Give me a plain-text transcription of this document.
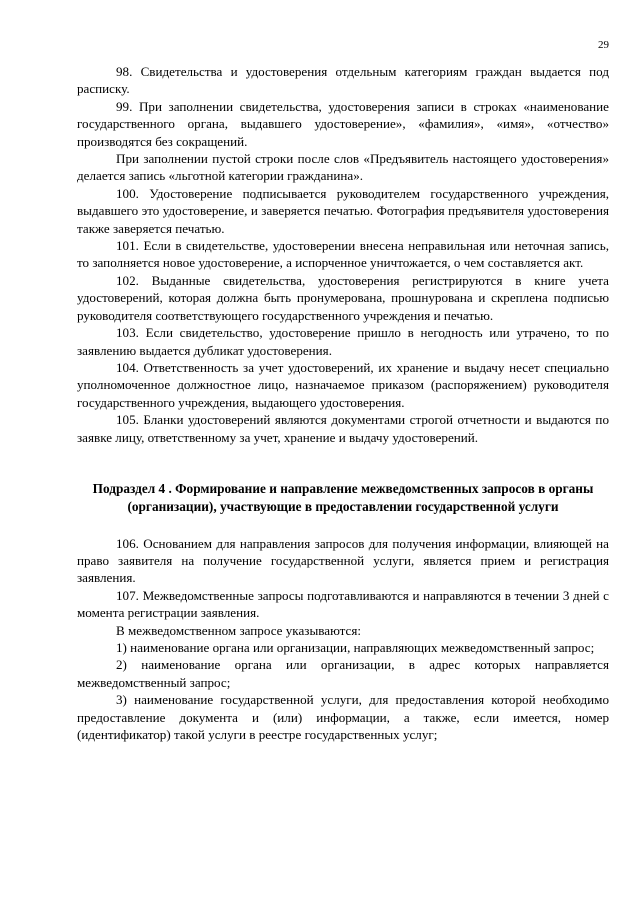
29

98. Свидетельства и удостоверения отдельным категориям граждан выдается под расписку.

99. При заполнении свидетельства, удостоверения записи в строках «наименование государственного органа, выдавшего удостоверение», «фамилия», «имя», «отчество» производятся без сокращений.

При заполнении пустой строки после слов «Предъявитель настоящего удостоверения» делается запись «льготной категории гражданина».

100. Удостоверение подписывается руководителем государственного учреждения, выдавшего это удостоверение, и заверяется печатью. Фотография предъявителя удостоверения также заверяется печатью.

101. Если в свидетельстве, удостоверении внесена неправильная или неточная запись, то заполняется новое удостоверение, а испорченное уничтожается, о чем составляется акт.

102. Выданные свидетельства, удостоверения регистрируются в книге учета удостоверений, которая должна быть пронумерована, прошнурована и скреплена подписью руководителя соответствующего государственного учреждения и печатью.

103. Если свидетельство, удостоверение пришло в негодность или утрачено, то по заявлению выдается дубликат удостоверения.

104. Ответственность за учет удостоверений, их хранение и выдачу несет специально уполномоченное должностное лицо, назначаемое приказом (распоряжением) руководителя государственного учреждения, выдающего удостоверения.

105. Бланки удостоверений являются документами строгой отчетности и выдаются по заявке лицу, ответственному за учет, хранение и выдачу удостоверений.

Подраздел 4 . Формирование и направление межведомственных запросов в органы (организации), участвующие в предоставлении государственной услуги

106. Основанием для направления запросов для получения информации, влияющей на право заявителя на получение государственной услуги, является прием и регистрация заявления.

107. Межведомственные запросы подготавливаются и направляются в течении 3 дней с момента регистрации заявления.

В межведомственном запросе указываются:

1) наименование органа или организации, направляющих межведомственный запрос;

2) наименование органа или организации, в адрес которых направляется межведомственный запрос;

3) наименование государственной услуги, для предоставления которой необходимо предоставление документа и (или) информации, а также, если имеется, номер (идентификатор) такой услуги в реестре государственных услуг;
